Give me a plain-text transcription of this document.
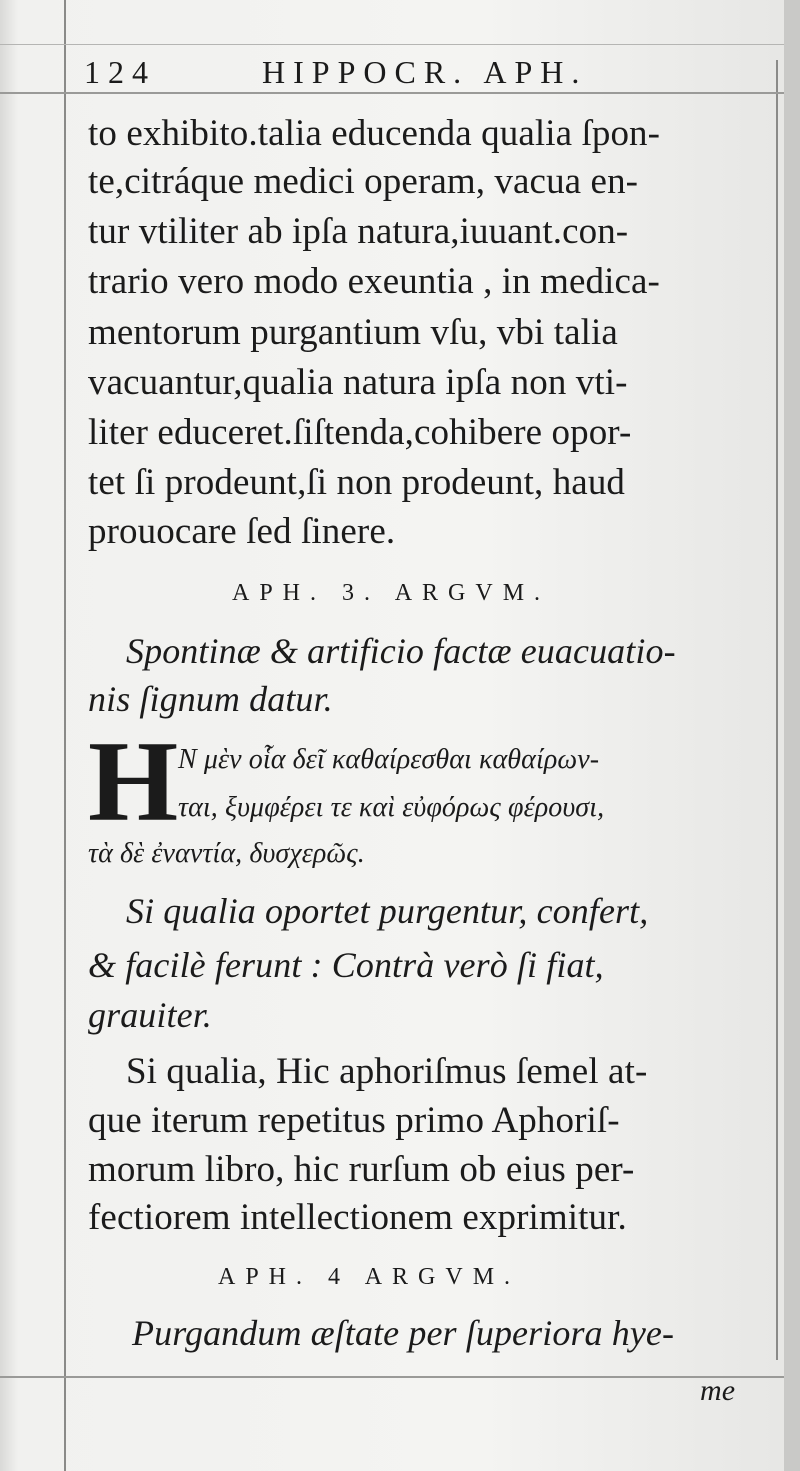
124	HIPPOCR. APH.
to exhibito.talia educenda qualia ſpon-
te,citráque medici operam, vacua en-
tur vtiliter ab ipſa natura,iuuant.con-
trario vero modo exeuntia , in medica-
mentorum purgantium vſu, vbi talia
vacuantur,qualia natura ipſa non vti-
liter educeret.ſiſtenda,cohibere opor-
tet ſi prodeunt,ſi non prodeunt, haud
prouocare ſed ſinere.
APH. 3. ARGVM.
Spontinæ & artificio factæ euacuatio-
nis ſignum datur.
H N μὲν οἷα δεῖ καθαίρεσθαι καθαίρων-
ται, ξυμφέρει τε καὶ εὐφόρως φέρουσι,
τὰ δὲ ἐναντία, δυσχερῶς.
Si qualia oportet purgentur, confert,
& facilè ferunt : Contrà verò ſi fiat,
grauiter.
Si qualia, Hic aphoriſmus ſemel at-
que iterum repetitus primo Aphoriſ-
morum libro, hic rurſum ob eius per-
fectiorem intellectionem exprimitur.
APH. 4 ARGVM.
Purgandum æſtate per ſuperiora hye-
me
